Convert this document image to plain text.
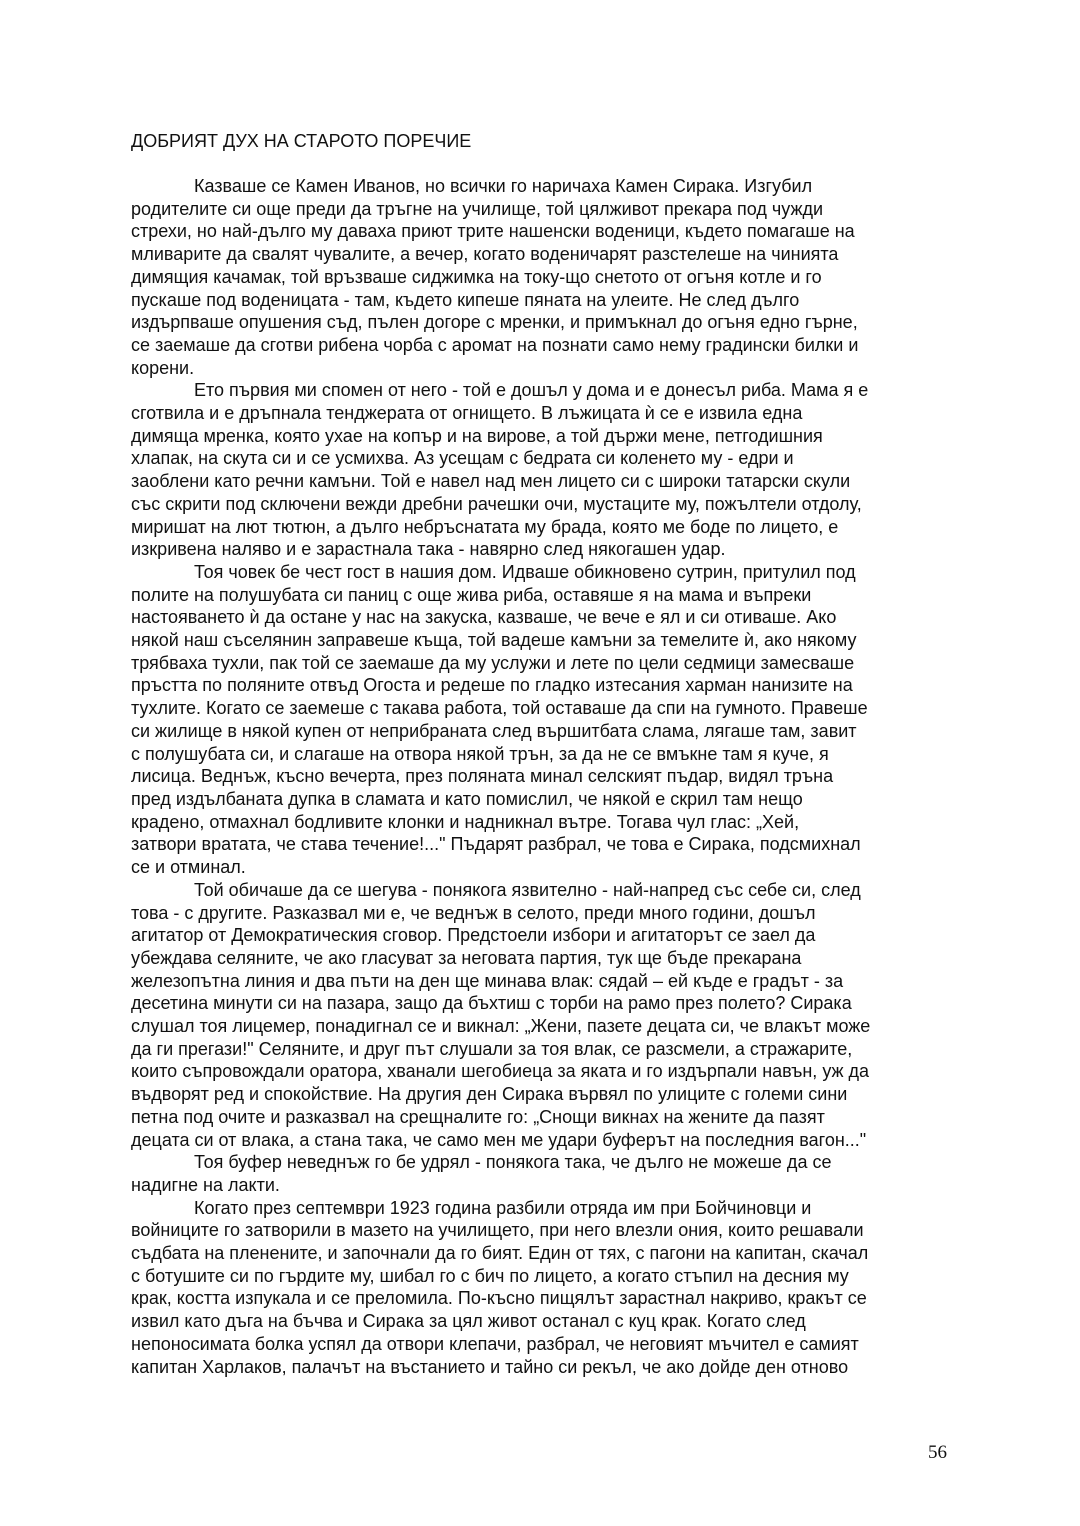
ДОБРИЯТ ДУХ НА СТАРОТО ПОРЕЧИЕ

Казваше се Камен Иванов, но всички го наричаха Камен Сирака. Изгубил
родителите си още преди да тръгне на училище, той цялживот прекара под чужди
стрехи, но най-дълго му даваха приют трите нашенски воденици, където помагаше на
мливарите да свалят чувалите, а вечер, когато воденичарят разстелеше на чинията
димящия качамак, той връзваше сиджимка на току-що снетото от огъня котле и го
пускаше под воденицата - там, където кипеше пяната на улеите. Не след дълго
издърпваше опушения съд, пълен догоре с мренки, и примъкнал до огъня едно гърне,
се заемаше да сготви рибена чорба с аромат на познати само нему градински билки и
корени.

Ето първия ми спомен от него - той е дошъл у дома и е донесъл риба. Мама я е
сготвила и е дръпнала тенджерата от огнището. В лъжицата ѝ се е извила една
димяща мренка, която ухае на копър и на вирове, а той държи мене, петгодишния
хлапак, на скута си и се усмихва. Аз усещам с бедрата си коленето му - едри и
заоблени като речни камъни. Той е навел над мен лицето си с широки татарски скули
със скрити под сключени вежди дребни рачешки очи, мустаците му, пожълтели отдолу,
миришат на лют тютюн, а дълго небръснатата му брада, която ме боде по лицето, е
изкривена наляво и е зарастнала така - навярно след някогашен удар.

Тоя човек бе чест гост в нашия дом. Идваше обикновено сутрин, притулил под
полите на полушубата си паниц с още жива риба, оставяше я на мама и въпреки
настояването ѝ да остане у нас на закуска, казваше, че вече е ял и си отиваше. Ако
някой наш съселянин заправеше къща, той вадеше камъни за темелите ѝ, ако някому
трябваха тухли, пак той се заемаше да му услужи и лете по цели седмици замесваше
пръстта по поляните отвъд Огоста и редеше по гладко изтесания харман нанизите на
тухлите. Когато се заемеше с такава работа, той оставаше да спи на гумното. Правеше
си жилище в някой купен от неприбраната след вършитбата слама, лягаше там, завит
с полушубата си, и слагаше на отвора някой трън, за да не се вмъкне там я куче, я
лисица. Веднъж, късно вечерта, през поляната минал селският пъдар, видял тръна
пред издълбаната дупка в сламата и като помислил, че някой е скрил там нещо
крадено, отмахнал бодливите клонки и надникнал вътре. Тогава чул глас: „Хей,
затвори вратата, че става течение!..." Пъдарят разбрал, че това е Сирака, подсмихнал
се и отминал.

Той обичаше да се шегува - понякога язвително - най-напред със себе си, след
това - с другите. Разказвал ми е, че веднъж в селото, преди много години, дошъл
агитатор от Демократическия сговор. Предстоели избори и агитаторът се заел да
убеждава селяните, че ако гласуват за неговата партия, тук ще бъде прекарана
железопътна линия и два пъти на ден ще минава влак: сядай – ей къде е градът - за
десетина минути си на пазара, защо да бъхтиш с торби на рамо през полето? Сирака
слушал тоя лицемер, понадигнал се и викнал: „Жени, пазете децата си, че влакът може
да ги прегази!" Селяните, и друг път слушали за тоя влак, се разсмели, а стражарите,
които съпровождали оратора, хванали шегобиеца за яката и го издърпали навън, уж да
въдворят ред и спокойствие. На другия ден Сирака вървял по улиците с големи сини
петна под очите и разказвал на срещналите го: „Снощи викнах на жените да пазят
децата си от влака, а стана така, че само мен ме удари буферът на последния вагон..."

Тоя буфер неведнъж го бе удрял - понякога така, че дълго не можеше да се
надигне на лакти.

Когато през септември 1923 година разбили отряда им при Бойчиновци и
войниците го затворили в мазето на училището, при него влезли ония, които решавали
съдбата на пленените, и започнали да го бият. Един от тях, с пагони на капитан, скачал
с ботушите си по гърдите му, шибал го с бич по лицето, а когато стъпил на десния му
крак, костта изпукала и се преломила. По-късно пищялът зарастнал накриво, кракът се
извил като дъга на бъчва и Сирака за цял живот останал с куц крак. Когато след
непоносимата болка успял да отвори клепачи, разбрал, че неговият мъчител е самият
капитан Харлаков, палачът на въстанието и тайно си рекъл, че ако дойде ден отново

56
